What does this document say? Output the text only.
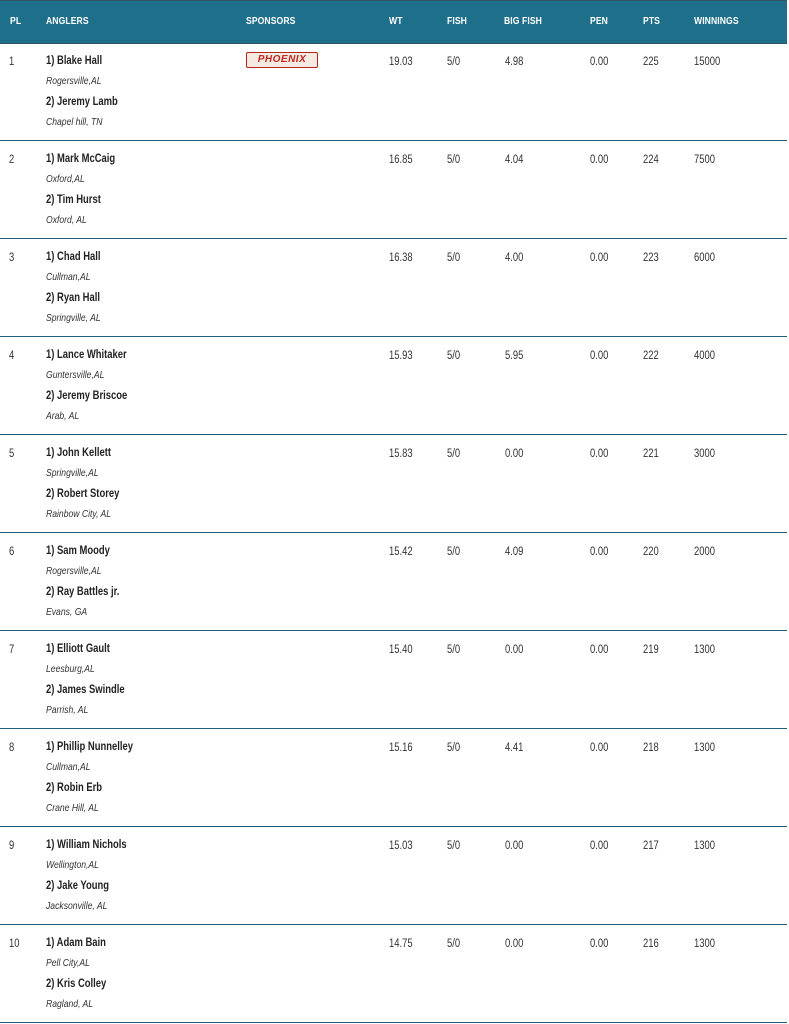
PL ANGLERS	SPONSORS	WT	FISH	BIG FISH	PEN	PTS	WINNINGS
1	1) Blake Hall
Rogersville,AL
2) Jeremy Lamb
Chapel hill, TN
PHOENIX	19.03	5/0	4.98	0.00	225	15000
2	1) Mark McCaig
Oxford,AL
2) Tim Hurst
Oxford, AL
16.85	5/0	4.04	0.00	224	7500
3	1) Chad Hall
Cullman,AL
2) Ryan Hall
Springville, AL
16.38	5/0	4.00	0.00	223	6000
4	1) Lance Whitaker
Guntersville,AL
2) Jeremy Briscoe
Arab, AL
15.93	5/0	5.95	0.00	222	4000
5	1) John Kellett
Springville,AL
2) Robert Storey
Rainbow City, AL
15.83	5/0	0.00	0.00	221	3000
6	1) Sam Moody
Rogersville,AL
2) Ray Battles jr.
Evans, GA
15.42	5/0	4.09	0.00	220	2000
7	1) Elliott Gault
Leesburg,AL
2) James Swindle
Parrish, AL
15.40	5/0	0.00	0.00	219	1300
8	1) Phillip Nunnelley
Cullman,AL
2) Robin Erb
Crane Hill, AL
15.16	5/0	4.41	0.00	218	1300
9	1) William Nichols
Wellington,AL
2) Jake Young
Jacksonville, AL
15.03	5/0	0.00	0.00	217	1300
10 1) Adam Bain
Pell City,AL
2) Kris Colley
Ragland, AL
14.75	5/0	0.00	0.00	216	1300
